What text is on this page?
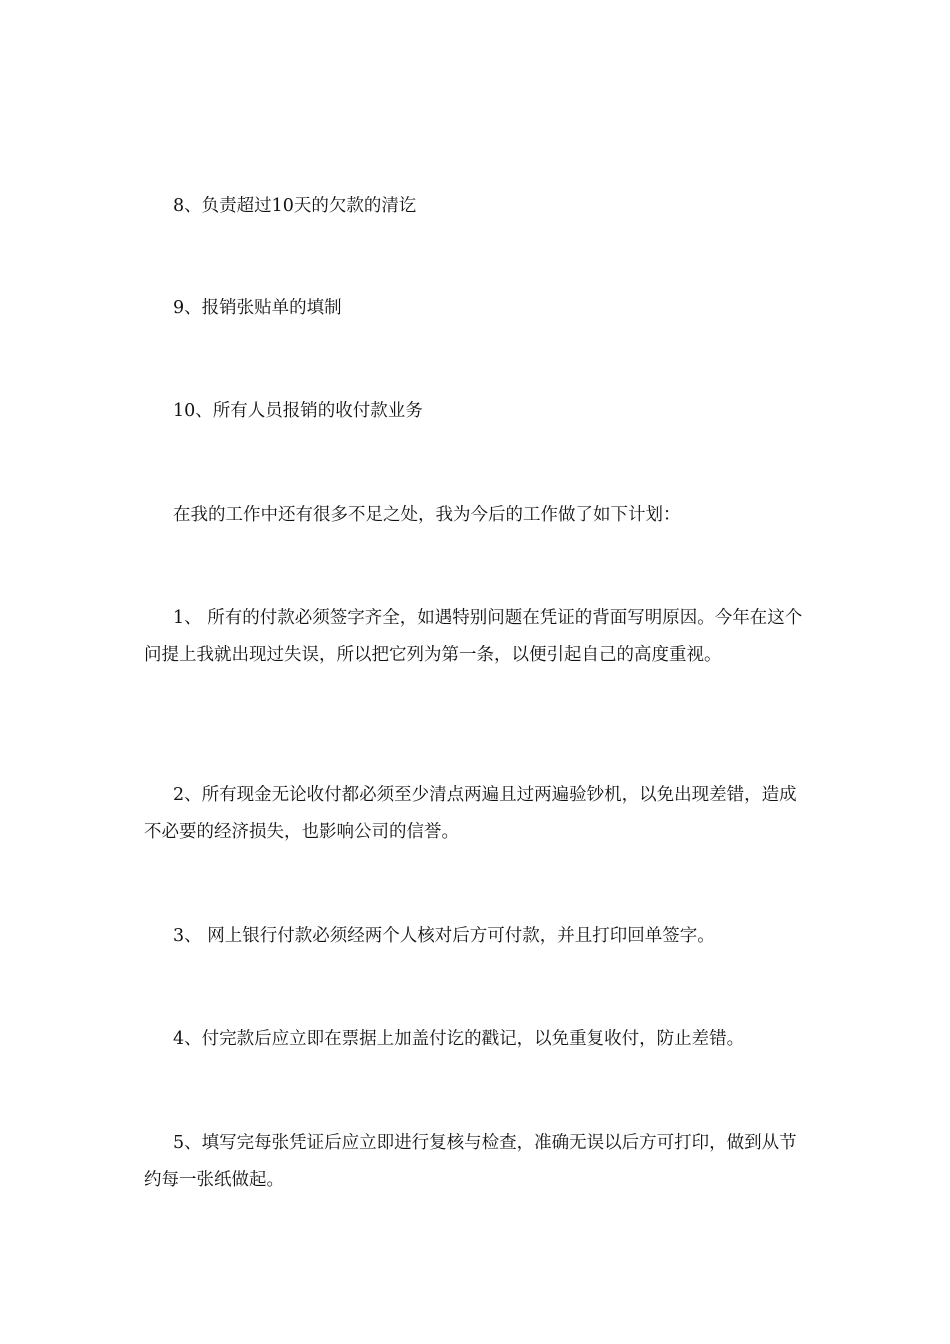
8、负责超过10天的欠款的清讫

9、报销张贴单的填制

10、所有人员报销的收付款业务

在我的工作中还有很多不足之处，我为今后的工作做了如下计划：

1、 所有的付款必须签字齐全，如遇特别问题在凭证的背面写明原因。今年在这个问提上我就出现过失误，所以把它列为第一条，以便引起自己的高度重视。

2、所有现金无论收付都必须至少清点两遍且过两遍验钞机，以免出现差错，造成不必要的经济损失，也影响公司的信誉。

3、 网上银行付款必须经两个人核对后方可付款，并且打印回单签字。

4、付完款后应立即在票据上加盖付讫的戳记，以免重复收付，防止差错。

5、填写完每张凭证后应立即进行复核与检查，准确无误以后方可打印，做到从节约每一张纸做起。
